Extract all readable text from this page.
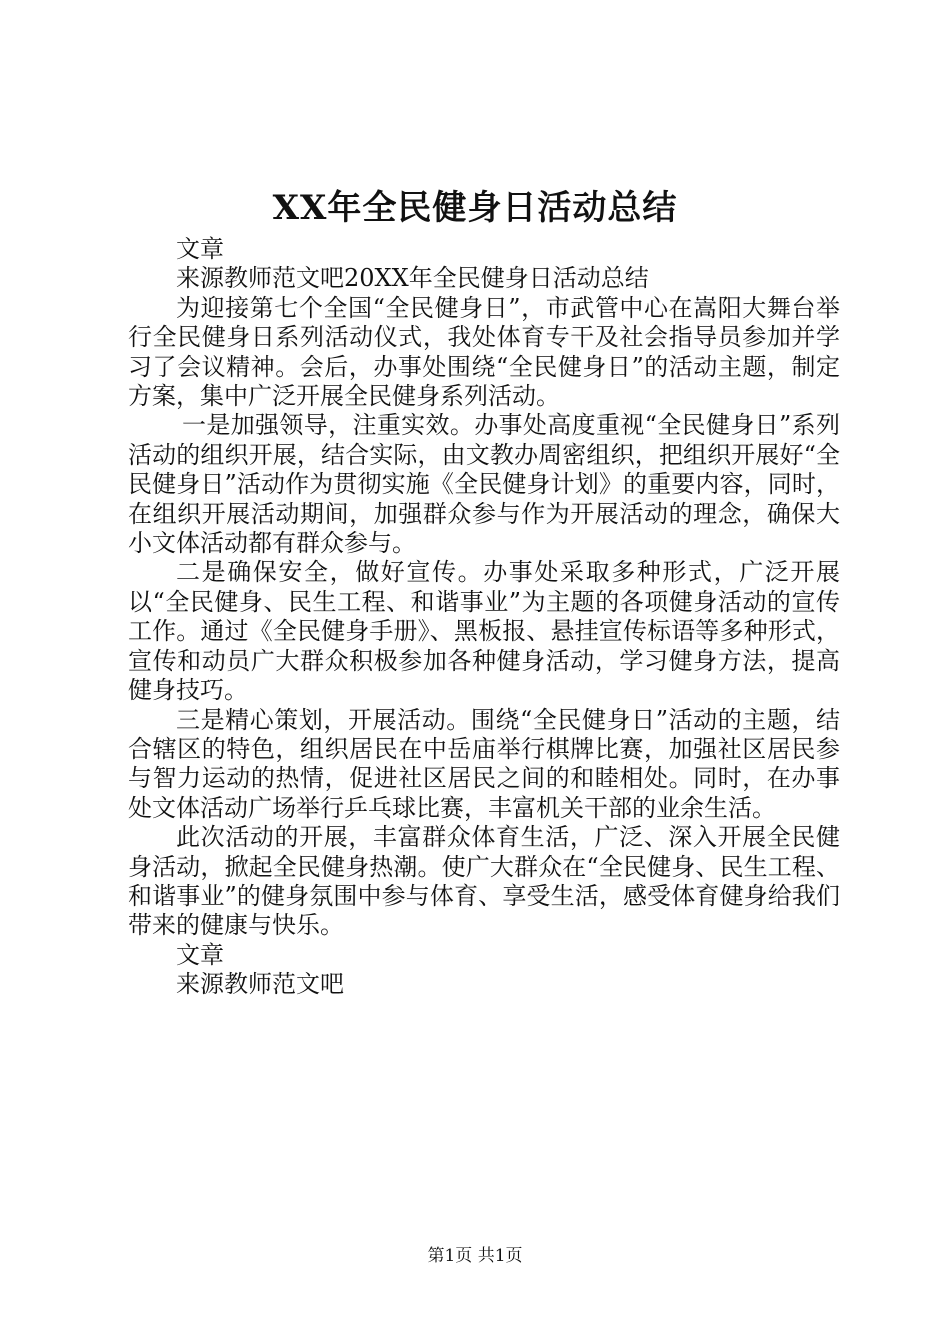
XX年全民健身日活动总结

文章

来源教师范文吧20XX年全民健身日活动总结

为迎接第七个全国“全民健身日”，市武管中心在嵩阳大舞台举行全民健身日系列活动仪式，我处体育专干及社会指导员参加并学习了会议精神。会后，办事处围绕“全民健身日”的活动主题，制定方案，集中广泛开展全民健身系列活动。

一是加强领导，注重实效。办事处高度重视“全民健身日”系列活动的组织开展，结合实际，由文教办周密组织，把组织开展好“全民健身日”活动作为贯彻实施《全民健身计划》的重要内容，同时，在组织开展活动期间，加强群众参与作为开展活动的理念，确保大小文体活动都有群众参与。

二是确保安全，做好宣传。办事处采取多种形式，广泛开展以“全民健身、民生工程、和谐事业”为主题的各项健身活动的宣传工作。通过《全民健身手册》、黑板报、悬挂宣传标语等多种形式，宣传和动员广大群众积极参加各种健身活动，学习健身方法，提高健身技巧。

三是精心策划，开展活动。围绕“全民健身日”活动的主题，结合辖区的特色，组织居民在中岳庙举行棋牌比赛，加强社区居民参与智力运动的热情，促进社区居民之间的和睦相处。同时，在办事处文体活动广场举行乒乓球比赛，丰富机关干部的业余生活。

此次活动的开展，丰富群众体育生活，广泛、深入开展全民健身活动，掀起全民健身热潮。使广大群众在“全民健身、民生工程、和谐事业”的健身氛围中参与体育、享受生活，感受体育健身给我们带来的健康与快乐。

文章

来源教师范文吧

第1页 共1页
